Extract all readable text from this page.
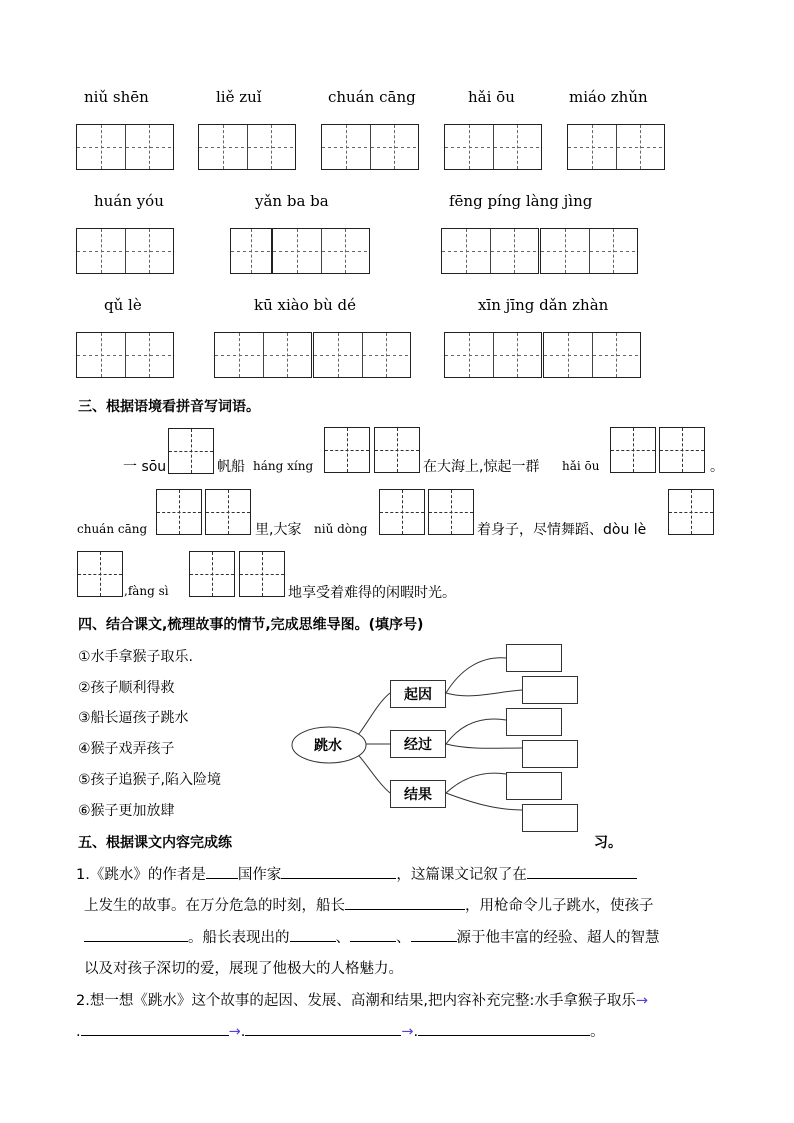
niǔ shēn	liě zuǐ	chuán cāng	hǎi ōu	miáo zhǔn
huán yóu	yǎn ba ba	fēng píng làng jìng
qǔ lè	kū xiào bù dé	xīn jīng dǎn zhàn
三、根据语境看拼音写词语。
一 sōu	帆船 háng xíng	在大海上,惊起一群 hǎi ōu	。
chuán cāng	里,大家 niǔ dòng	着身子，尽情舞蹈、dòu lè
,fàng sì	地享受着难得的闲暇时光。
四、结合课文,梳理故事的情节,完成思维导图。(填序号)
①水手拿猴子取乐.
②孩子顺利得救
③船长逼孩子跳水
④猴子戏弄孩子
⑤孩子追猴子,陷入险境
⑥猴子更加放肆
跳水
起因
经过
结果
五、根据课文内容完成练	习。
1.《跳水》的作者是 国作家	，这篇课文记叙了在
上发生的故事。在万分危急的时刻，船长	，用枪命令儿子跳水，使孩子
。船长表现出的	、	、	源于他丰富的经验、超人的智慧
以及对孩子深切的爱，展现了他极大的人格魅力。
2.想一想《跳水》这个故事的起因、发展、高潮和结果,把内容补充完整:水手拿猴子取乐→
.	→.	→.	。
